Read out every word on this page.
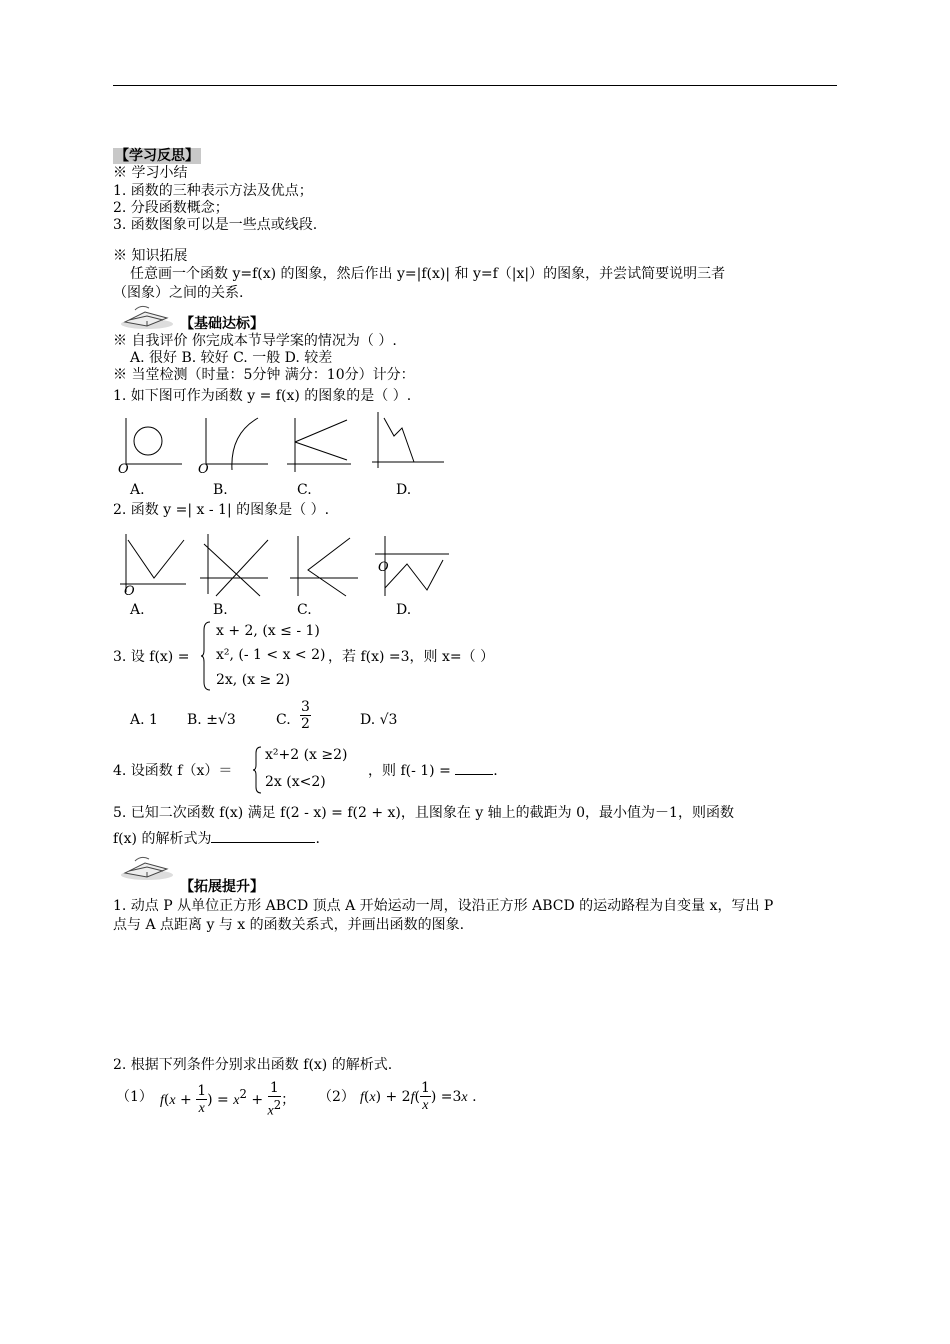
【学习反思】
※ 学习小结
1. 函数的三种表示方法及优点；
2. 分段函数概念；
3. 函数图象可以是一些点或线段.
※ 知识拓展
任意画一个函数 y=f(x) 的图象，然后作出 y=|f(x)| 和 y=f（|x|）的图象，并尝试简要说明三者
（图象）之间的关系.
【基础达标】
※ 自我评价 你完成本节导学案的情况为（ ）.
A. 很好 B. 较好 C. 一般 D. 较差
※ 当堂检测（时量：5分钟 满分：10分）计分：
1. 如下图可作为函数 y = f(x) 的图象的是（ ）.
O	O
A.	B.	C.	D.
2. 函数 y =| x - 1| 的图象是（ ）.
O
O
A.	B.	C.	D.
3. 设 f(x) =
x + 2, (x ≤ - 1)
x², (- 1 < x < 2)
2x, (x ≥ 2)
，若 f(x) =3，则 x=（ ）
A. 1 B. ±√3	C. $\frac{3}{2}$	D. √3
4. 设函数 f（x）＝
x²+2 (x ≥2)
2x (x<2)
，则 f(- 1) =	.
5. 已知二次函数 f(x) 满足 f(2 - x) = f(2 + x)，且图象在 y 轴上的截距为 0，最小值为－1，则函数
f(x) 的解析式为	.
【拓展提升】
1. 动点 P 从单位正方形 ABCD 顶点 A 开始运动一周，设沿正方形 ABCD 的运动路程为自变量 x，写出 P
点与 A 点距离 y 与 x 的函数关系式，并画出函数的图象.
2. 根据下列条件分别求出函数 f(x) 的解析式.
（1） $f(x + \frac{1}{x}$ ) = $x^2 + \frac{1}{x^2}$ ； （2） $f(x) + 2f( \frac{1}{x}$ ) =3x .
